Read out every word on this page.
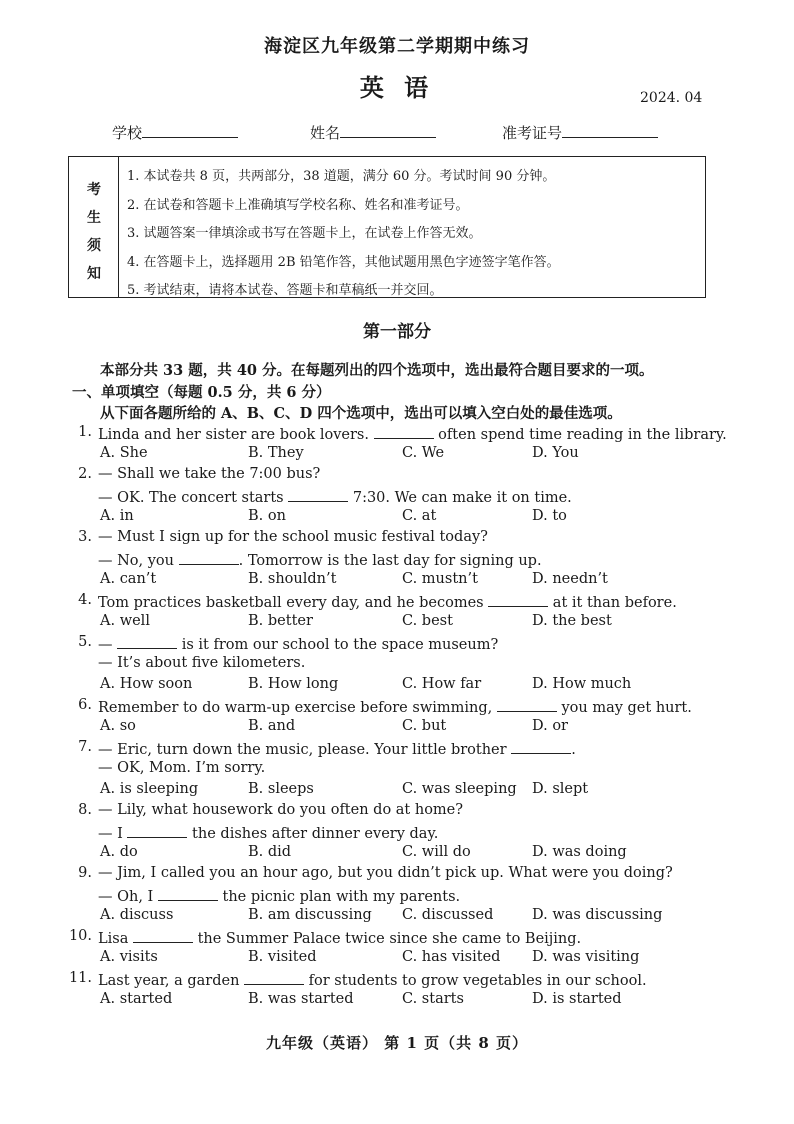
海淀区九年级第二学期期中练习
英 语	2024. 04
学校	姓名	准考证号
考
生
须
知
1. 本试卷共 8 页，共两部分，38 道题，满分 60 分。考试时间 90 分钟。
2. 在试卷和答题卡上准确填写学校名称、姓名和准考证号。
3. 试题答案一律填涂或书写在答题卡上，在试卷上作答无效。
4. 在答题卡上，选择题用 2B 铅笔作答，其他试题用黑色字迹签字笔作答。
5. 考试结束，请将本试卷、答题卡和草稿纸一并交回。
第一部分
本部分共 33 题，共 40 分。在每题列出的四个选项中，选出最符合题目要求的一项。
一、单项填空（每题 0.5 分，共 6 分）
从下面各题所给的 A、B、C、D 四个选项中，选出可以填入空白处的最佳选项。
1. Linda and her sister are book lovers.	often spend time reading in the library.
A. She	B. They	C. We	D. You
2. — Shall we take the 7:00 bus?
— OK. The concert starts	7:30. We can make it on time.
A. in	B. on	C. at	D. to
3. — Must I sign up for the school music festival today?
— No, you	. Tomorrow is the last day for signing up.
A. can’t	B. shouldn’t	C. mustn’t	D. needn’t
4. Tom practices basketball every day, and he becomes	at it than before.
A. well	B. better	C. best	D. the best
5. —	is it from our school to the space museum?
— It’s about five kilometers.
A. How soon	B. How long	C. How far	D. How much
6. Remember to do warm-up exercise before swimming,	you may get hurt.
A. so	B. and	C. but	D. or
7. — Eric, turn down the music, please. Your little brother	.
— OK, Mom. I’m sorry.
A. is sleeping	B. sleeps	C. was sleeping D. slept
8. — Lily, what housework do you often do at home?
— I	the dishes after dinner every day.
A. do	B. did	C. will do	D. was doing
9. — Jim, I called you an hour ago, but you didn’t pick up. What were you doing?
— Oh, I	the picnic plan with my parents.
A. discuss	B. am discussing C. discussed	D. was discussing
10. Lisa	the Summer Palace twice since she came to Beijing.
A. visits	B. visited	C. has visited D. was visiting
11. Last year, a garden	for students to grow vegetables in our school.
A. started	B. was started	C. starts	D. is started
九年级（英语） 第 1 页（共 8 页）
